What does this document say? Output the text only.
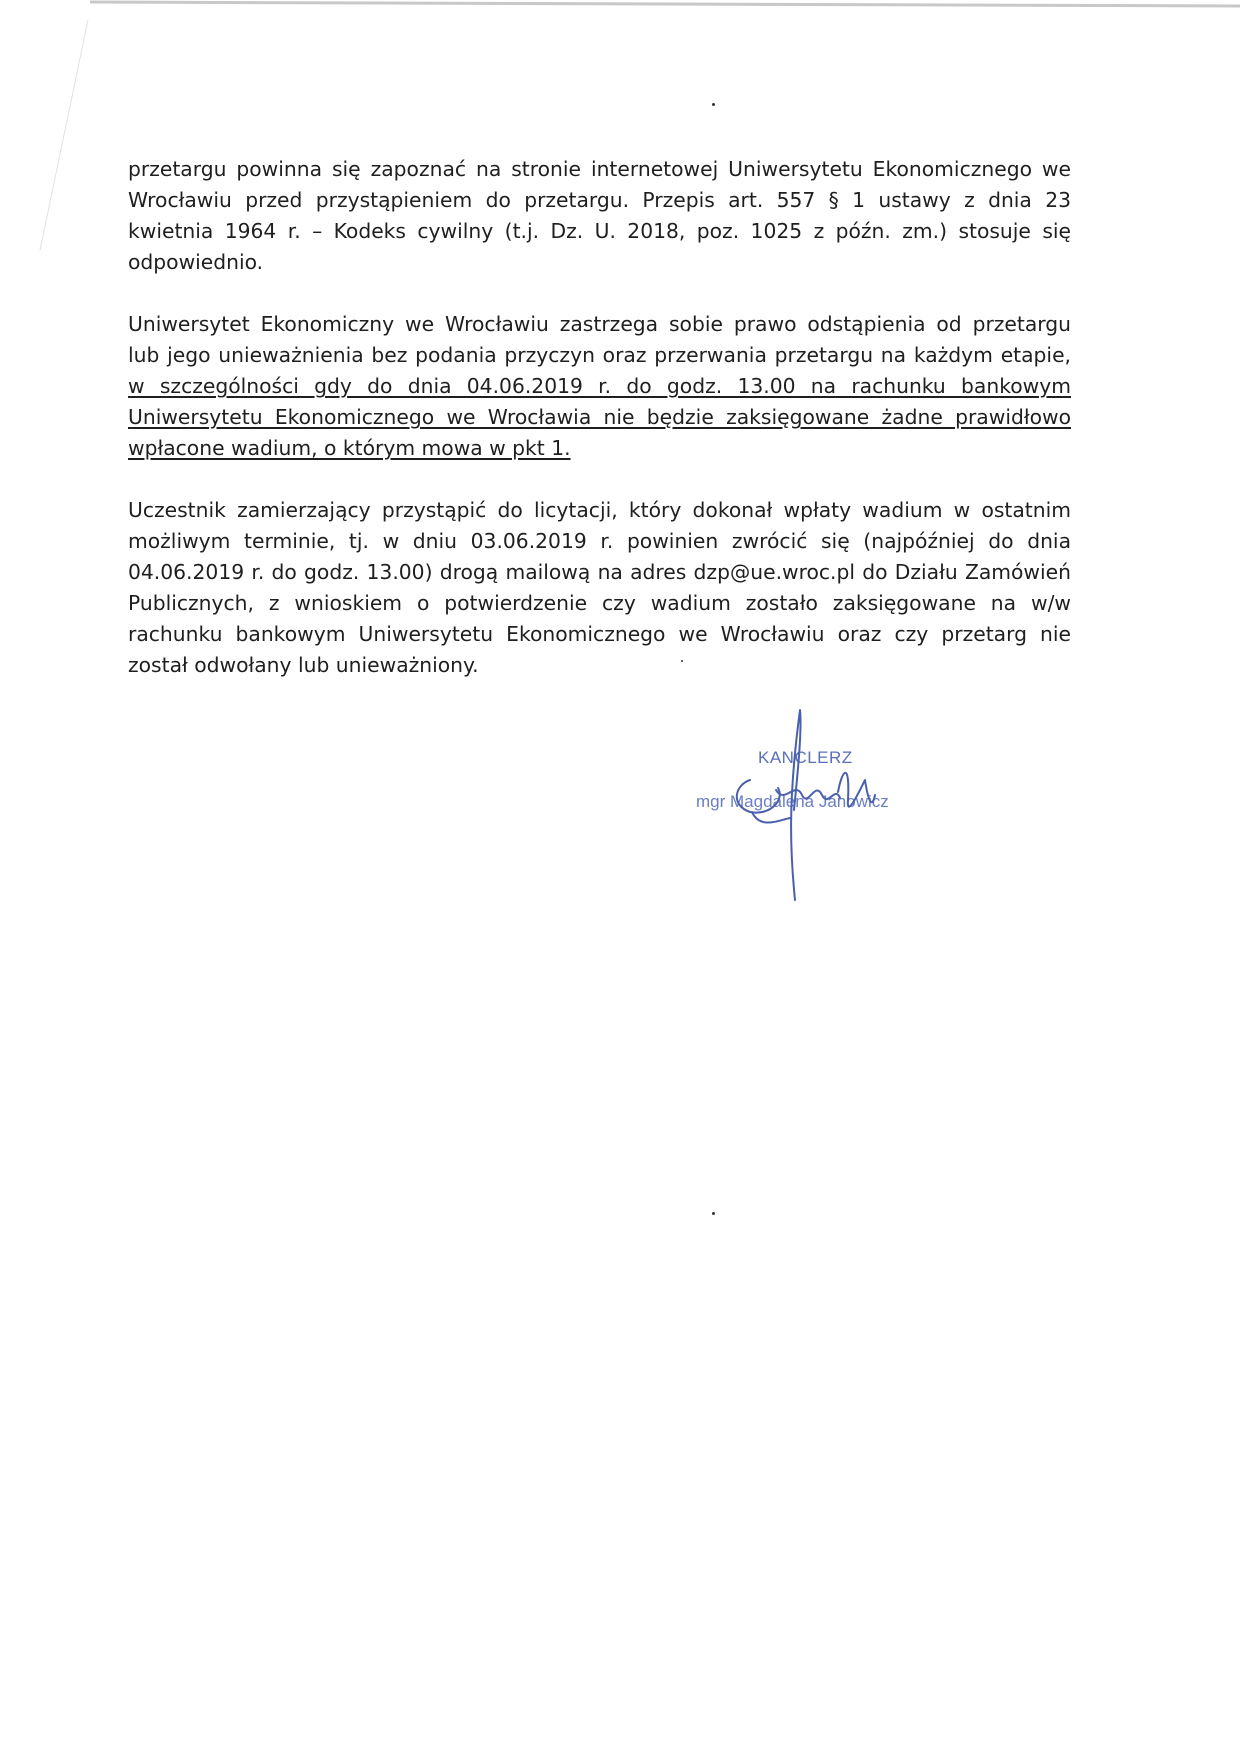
przetargu powinna się zapoznać na stronie internetowej Uniwersytetu Ekonomicznego we
Wrocławiu przed przystąpieniem do przetargu. Przepis art. 557 § 1 ustawy z dnia 23
kwietnia 1964 r. – Kodeks cywilny (t.j. Dz. U. 2018, poz. 1025 z późn. zm.) stosuje się
odpowiednio.

Uniwersytet Ekonomiczny we Wrocławiu zastrzega sobie prawo odstąpienia od przetargu
lub jego unieważnienia bez podania przyczyn oraz przerwania przetargu na każdym etapie,
w szczególności gdy do dnia 04.06.2019 r. do godz. 13.00 na rachunku bankowym
Uniwersytetu Ekonomicznego we Wrocławia nie będzie zaksięgowane żadne prawidłowo
wpłacone wadium, o którym mowa w pkt 1.

Uczestnik zamierzający przystąpić do licytacji, który dokonał wpłaty wadium w ostatnim
możliwym terminie, tj. w dniu 03.06.2019 r. powinien zwrócić się (najpóźniej do dnia
04.06.2019 r. do godz. 13.00) drogą mailową na adres dzp@ue.wroc.pl do Działu Zamówień
Publicznych, z wnioskiem o potwierdzenie czy wadium zostało zaksięgowane na w/w
rachunku bankowym Uniwersytetu Ekonomicznego we Wrocławiu oraz czy przetarg nie
został odwołany lub unieważniony.

KANCLERZ
mgr Magdalena Janowicz
